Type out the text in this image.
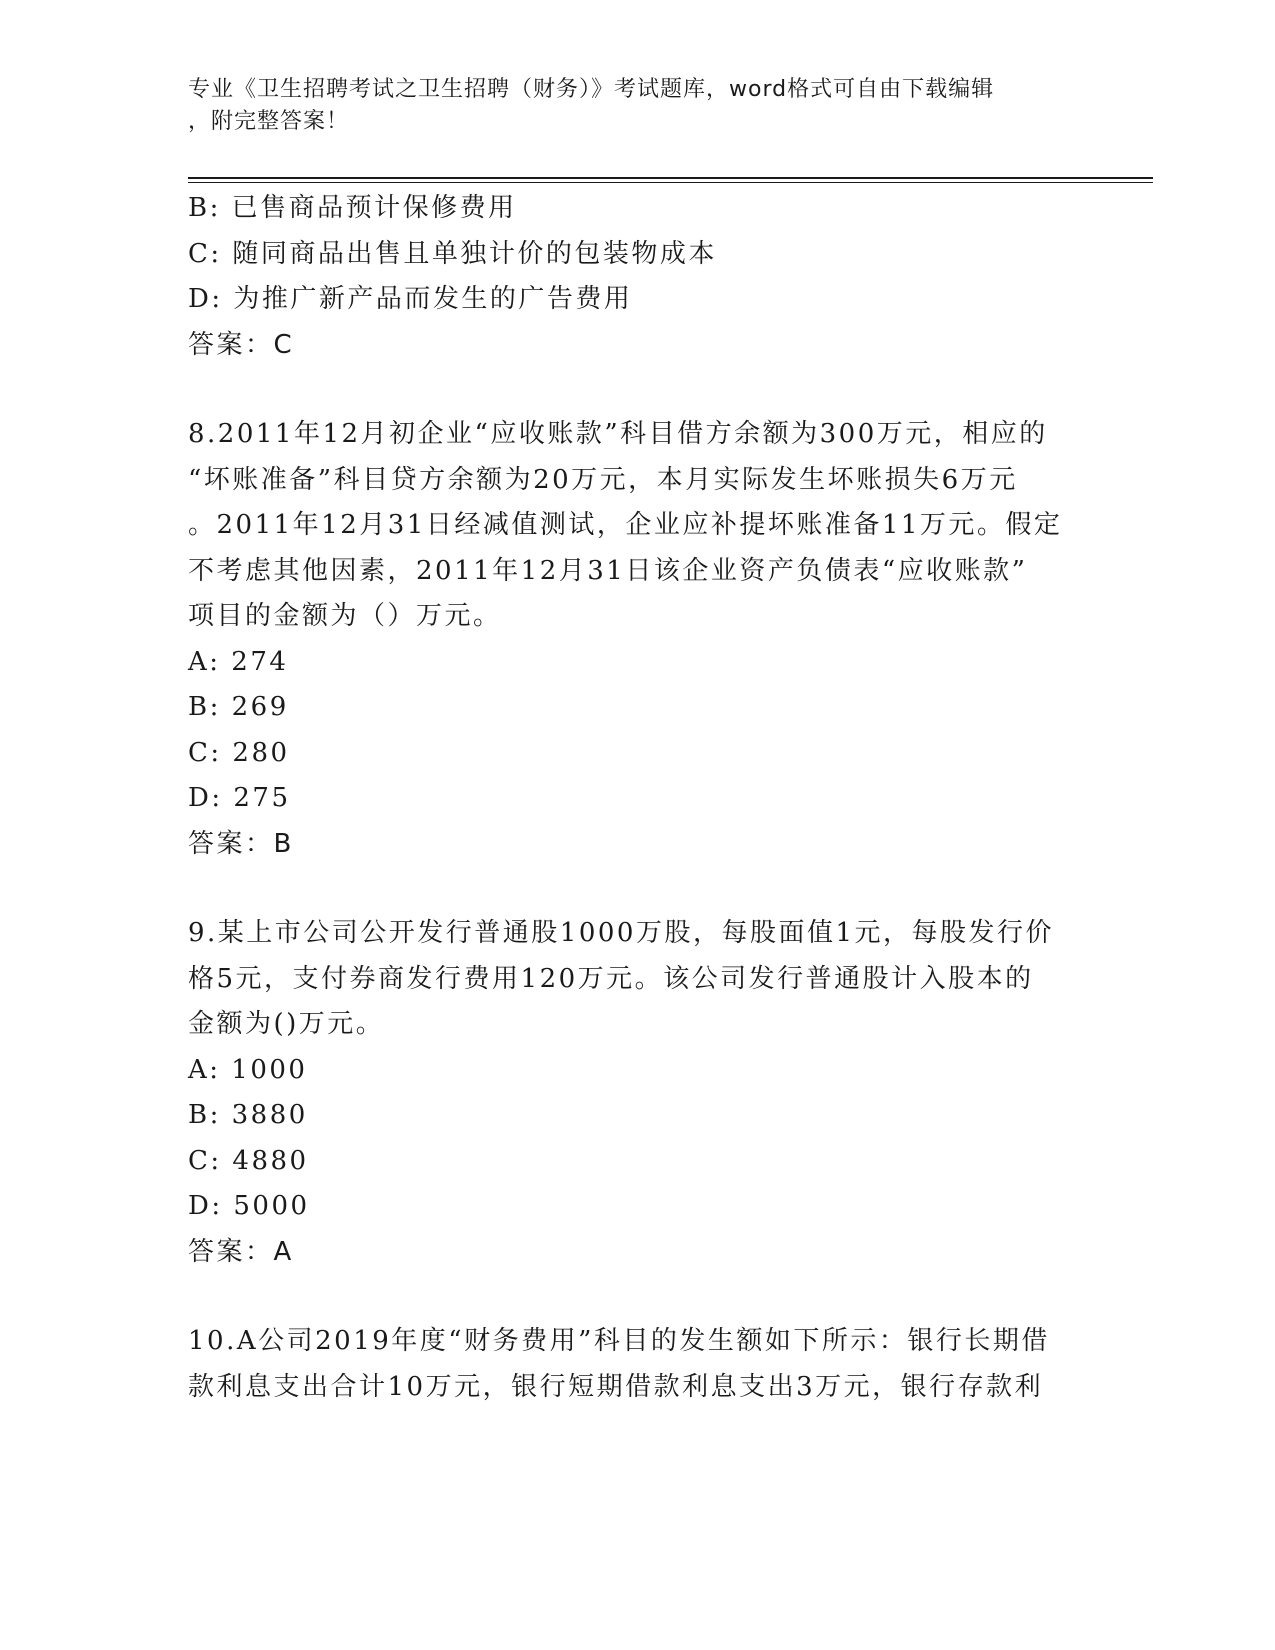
专业《卫生招聘考试之卫生招聘（财务）》考试题库，word格式可自由下载编辑
，附完整答案！
B: 已售商品预计保修费用
C: 随同商品出售且单独计价的包装物成本
D: 为推广新产品而发生的广告费用
答案：C
8.2011年12月初企业“应收账款”科目借方余额为300万元，相应的
“坏账准备”科目贷方余额为20万元，本月实际发生坏账损失6万元
。2011年12月31日经减值测试，企业应补提坏账准备11万元。假定
不考虑其他因素，2011年12月31日该企业资产负债表“应收账款”
项目的金额为（）万元。
A: 274
B: 269
C: 280
D: 275
答案：B
9.某上市公司公开发行普通股1000万股，每股面值1元，每股发行价
格5元，支付券商发行费用120万元。该公司发行普通股计入股本的
金额为()万元。
A: 1000
B: 3880
C: 4880
D: 5000
答案：A
10.A公司2019年度“财务费用”科目的发生额如下所示：银行长期借
款利息支出合计10万元，银行短期借款利息支出3万元，银行存款利
